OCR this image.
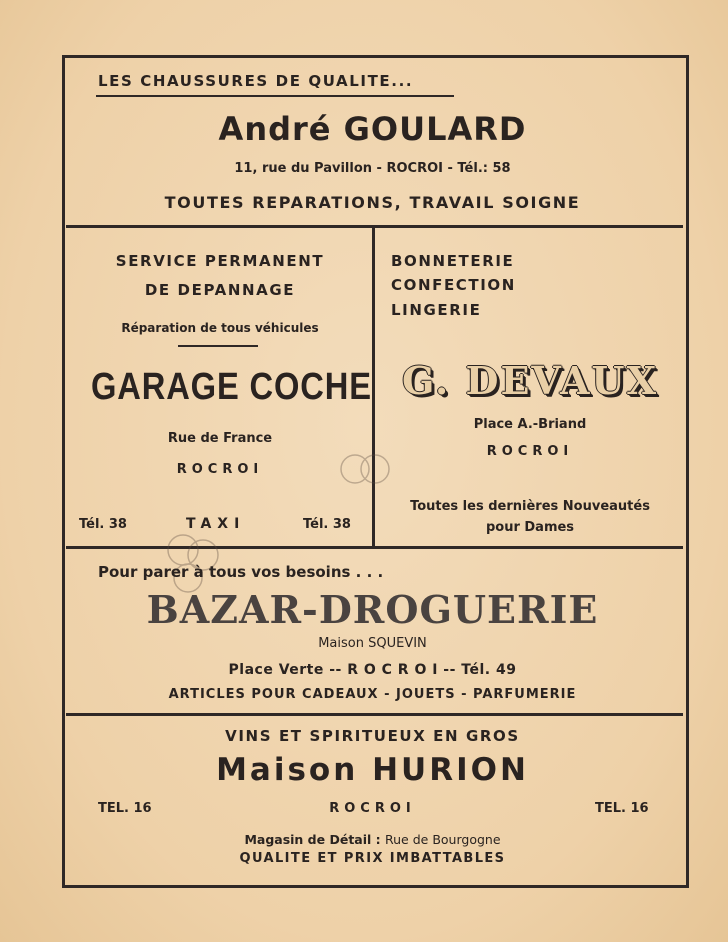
LES CHAUSSURES DE QUALITE...
André GOULARD
11, rue du Pavillon - ROCROI - Tél.: 58
TOUTES REPARATIONS, TRAVAIL SOIGNE
SERVICE PERMANENT
DE DEPANNAGE
Réparation de tous véhicules
GARAGE COCHE
Rue de France
ROCROI
Tél. 38	TAXI	Tél. 38
BONNETERIE
CONFECTION
LINGERIE
G. DEVAUX
Place A.-Briand
ROCROI
Toutes les dernières Nouveautés
pour Dames
Pour parer à tous vos besoins . . .
BAZAR-DROGUERIE
Maison SQUEVIN
Place Verte -- R O C R O I -- Tél. 49
ARTICLES POUR CADEAUX - JOUETS - PARFUMERIE
VINS ET SPIRITUEUX EN GROS
Maison HURION
TEL. 16	ROCROI	TEL. 16
Magasin de Détail : Rue de Bourgogne
QUALITE ET PRIX IMBATTABLES
